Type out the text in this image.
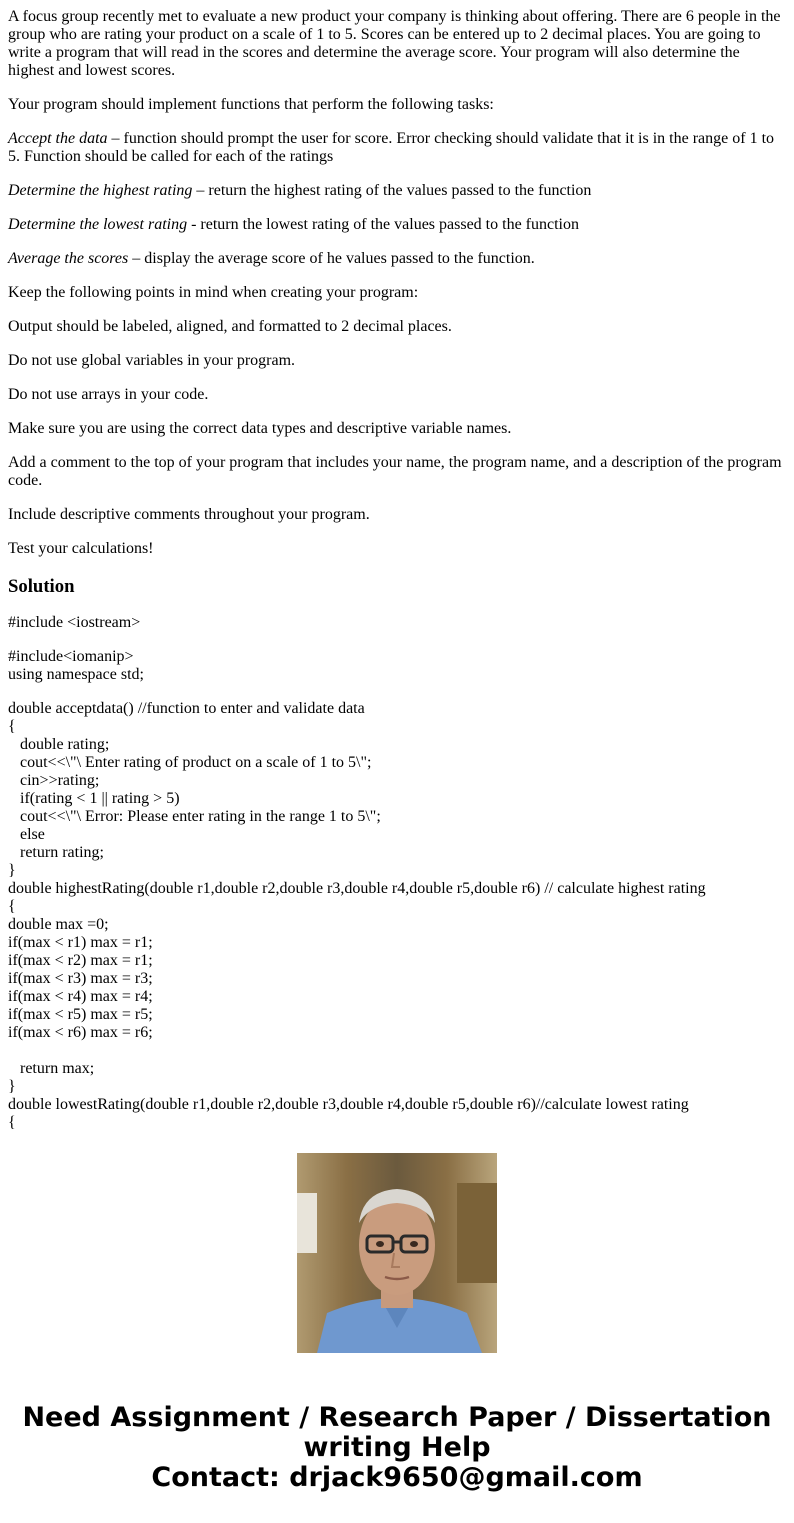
A focus group recently met to evaluate a new product your company is thinking about offering. There are 6 people in the group who are rating your product on a scale of 1 to 5. Scores can be entered up to 2 decimal places. You are going to write a program that will read in the scores and determine the average score. Your program will also determine the highest and lowest scores.

Your program should implement functions that perform the following tasks:

Accept the data – function should prompt the user for score. Error checking should validate that it is in the range of 1 to 5. Function should be called for each of the ratings

Determine the highest rating – return the highest rating of the values passed to the function

Determine the lowest rating - return the lowest rating of the values passed to the function

Average the scores – display the average score of he values passed to the function.

Keep the following points in mind when creating your program:

Output should be labeled, aligned, and formatted to 2 decimal places.

Do not use global variables in your program.

Do not use arrays in your code.

Make sure you are using the correct data types and descriptive variable names.

Add a comment to the top of your program that includes your name, the program name, and a description of the program code.

Include descriptive comments throughout your program.

Test your calculations!

Solution

#include <iostream>

#include<iomanip>
using namespace std;

double acceptdata() //function to enter and validate data
{
double rating;
cout<<\"\ Enter rating of product on a scale of 1 to 5\";
cin>>rating;
if(rating < 1 || rating > 5)
cout<<\"\ Error: Please enter rating in the range 1 to 5\";
else
return rating;
}
double highestRating(double r1,double r2,double r3,double r4,double r5,double r6) // calculate highest rating
{
double max =0;
if(max < r1) max = r1;
if(max < r2) max = r1;
if(max < r3) max = r3;
if(max < r4) max = r4;
if(max < r5) max = r5;
if(max < r6) max = r6;

return max;
}
double lowestRating(double r1,double r2,double r3,double r4,double r5,double r6)//calculate lowest rating
{

Need Assignment / Research Paper / Dissertation
writing Help
Contact: drjack9650@gmail.com
